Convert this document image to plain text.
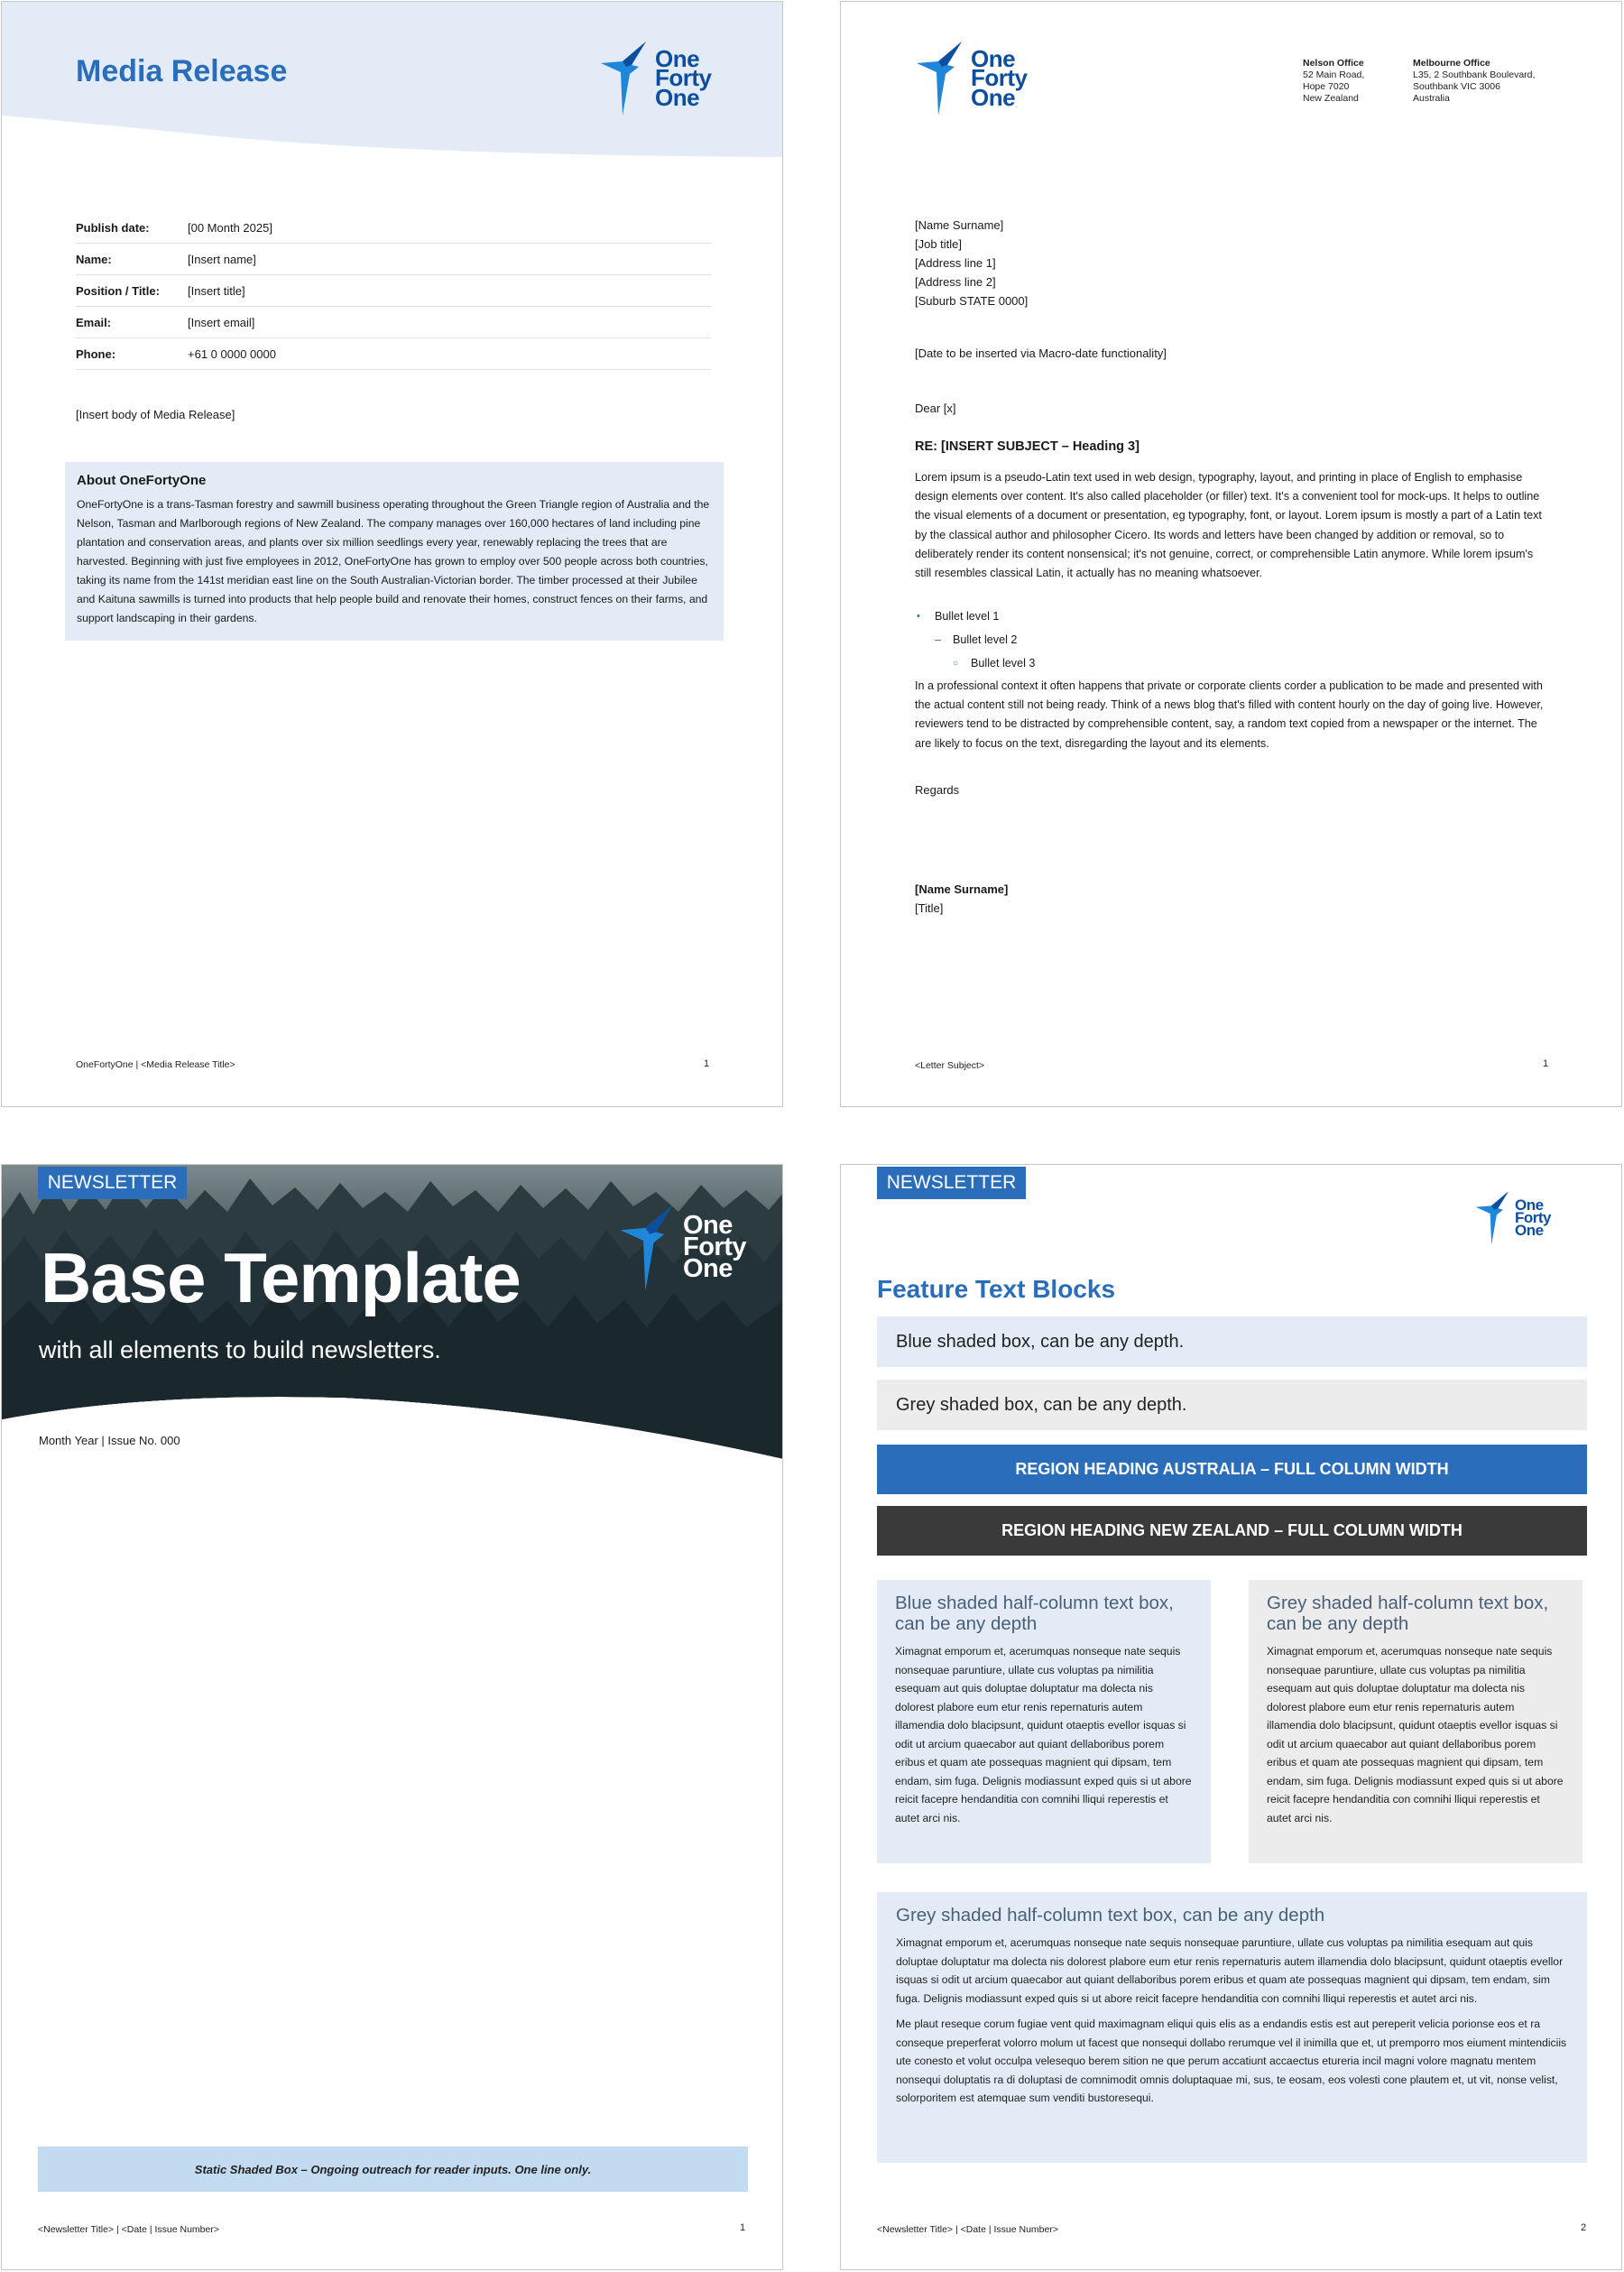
Media Release	One
Forty
One
Publish date:	[00 Month 2025]
Name:	[Insert name]
Position / Title:	[Insert title]
Email:	[Insert email]
Phone:	+61 0 0000 0000
[Insert body of Media Release]
About OneFortyOne

OneFortyOne is a trans-Tasman forestry and sawmill business operating throughout the Green Triangle region of Australia and the Nelson, Tasman and Marlborough regions of New Zealand. The company manages over 160,000 hectares of land including pine plantation and conservation areas, and plants over six million seedlings every year, renewably replacing the trees that are harvested. Beginning with just five employees in 2012, OneFortyOne has grown to employ over 500 people across both countries, taking its name from the 141st meridian east line on the South Australian-Victorian border. The timber processed at their Jubilee and Kaituna sawmills is turned into products that help people build and renovate their homes, construct fences on their farms, and support landscaping in their gardens.

OneFortyOne | <Media Release Title>	1
One
Forty
One
Nelson Office
52 Main Road,
Hope 7020
New Zealand
Melbourne Office
L35, 2 Southbank Boulevard,
Southbank VIC 3006
Australia
[Name Surname]
[Job title]
[Address line 1]
[Address line 2]
[Suburb STATE 0000]
[Date to be inserted via Macro-date functionality]
Dear [x]
RE: [INSERT SUBJECT – Heading 3]
Lorem ipsum is a pseudo-Latin text used in web design, typography, layout, and printing in place of English to emphasise design elements over content. It's also called placeholder (or filler) text. It's a convenient tool for mock-ups. It helps to outline the visual elements of a document or presentation, eg typography, font, or layout. Lorem ipsum is mostly a part of a Latin text by the classical author and philosopher Cicero. Its words and letters have been changed by addition or removal, so to deliberately render its content nonsensical; it's not genuine, correct, or comprehensible Latin anymore. While lorem ipsum's still resembles classical Latin, it actually has no meaning whatsoever.
• Bullet level 1
– Bullet level 2
○ Bullet level 3
In a professional context it often happens that private or corporate clients corder a publication to be made and presented with the actual content still not being ready. Think of a news blog that's filled with content hourly on the day of going live. However, reviewers tend to be distracted by comprehensible content, say, a random text copied from a newspaper or the internet. The are likely to focus on the text, disregarding the layout and its elements.
Regards
[Name Surname]
[Title]
<Letter Subject>	1
NEWSLETTER
One
Forty
One
Base Template
with all elements to build newsletters.
Month Year | Issue No. 000
Static Shaded Box – Ongoing outreach for reader inputs. One line only.
<Newsletter Title> | <Date | Issue Number>	1
NEWSLETTER
One
Forty
One
Feature Text Blocks
Blue shaded box, can be any depth.
Grey shaded box, can be any depth.
REGION HEADING AUSTRALIA – FULL COLUMN WIDTH
REGION HEADING NEW ZEALAND – FULL COLUMN WIDTH
Blue shaded half-column text box, can be any depth

Ximagnat emporum et, acerumquas nonseque nate sequis nonsequae paruntiure, ullate cus voluptas pa nimilitia esequam aut quis doluptae doluptatur ma dolecta nis dolorest plabore eum etur renis repernaturis autem illamendia dolo blacipsunt, quidunt otaeptis evellor isquas si odit ut arcium quaecabor aut quiant dellaboribus porem eribus et quam ate possequas magnient qui dipsam, tem endam, sim fuga. Delignis modiassunt exped quis si ut abore reicit facepre hendanditia con comnihi lliqui reperestis et autet arci nis.

Grey shaded half-column text box, can be any depth

Ximagnat emporum et, acerumquas nonseque nate sequis nonsequae paruntiure, ullate cus voluptas pa nimilitia esequam aut quis doluptae doluptatur ma dolecta nis dolorest plabore eum etur renis repernaturis autem illamendia dolo blacipsunt, quidunt otaeptis evellor isquas si odit ut arcium quaecabor aut quiant dellaboribus porem eribus et quam ate possequas magnient qui dipsam, tem endam, sim fuga. Delignis modiassunt exped quis si ut abore reicit facepre hendanditia con comnihi lliqui reperestis et autet arci nis.

Grey shaded half-column text box, can be any depth

Ximagnat emporum et, acerumquas nonseque nate sequis nonsequae paruntiure, ullate cus voluptas pa nimilitia esequam aut quis doluptae doluptatur ma dolecta nis dolorest plabore eum etur renis repernaturis autem illamendia dolo blacipsunt, quidunt otaeptis evellor isquas si odit ut arcium quaecabor aut quiant dellaboribus porem eribus et quam ate possequas magnient qui dipsam, tem endam, sim fuga. Delignis modiassunt exped quis si ut abore reicit facepre hendanditia con comnihi lliqui reperestis et autet arci nis.

Me plaut reseque corum fugiae vent quid maximagnam eliqui quis elis as a endandis estis est aut pereperit velicia porionse eos et ra conseque preperferat volorro molum ut facest que nonsequi dollabo rerumque vel il inimilla que et, ut premporro mos eiument mintendiciis ute conesto et volut occulpa velesequo berem sition ne que perum accatiunt accaectus etureria incil magni volore magnatu mentem nonsequi doluptatis ra di doluptasi de comnimodit omnis doluptaquae mi, sus, te eosam, eos volesti cone plautem et, ut vit, nonse velist, solorporitem est atemquae sum venditi bustoresequi.

<Newsletter Title> | <Date | Issue Number>	2
